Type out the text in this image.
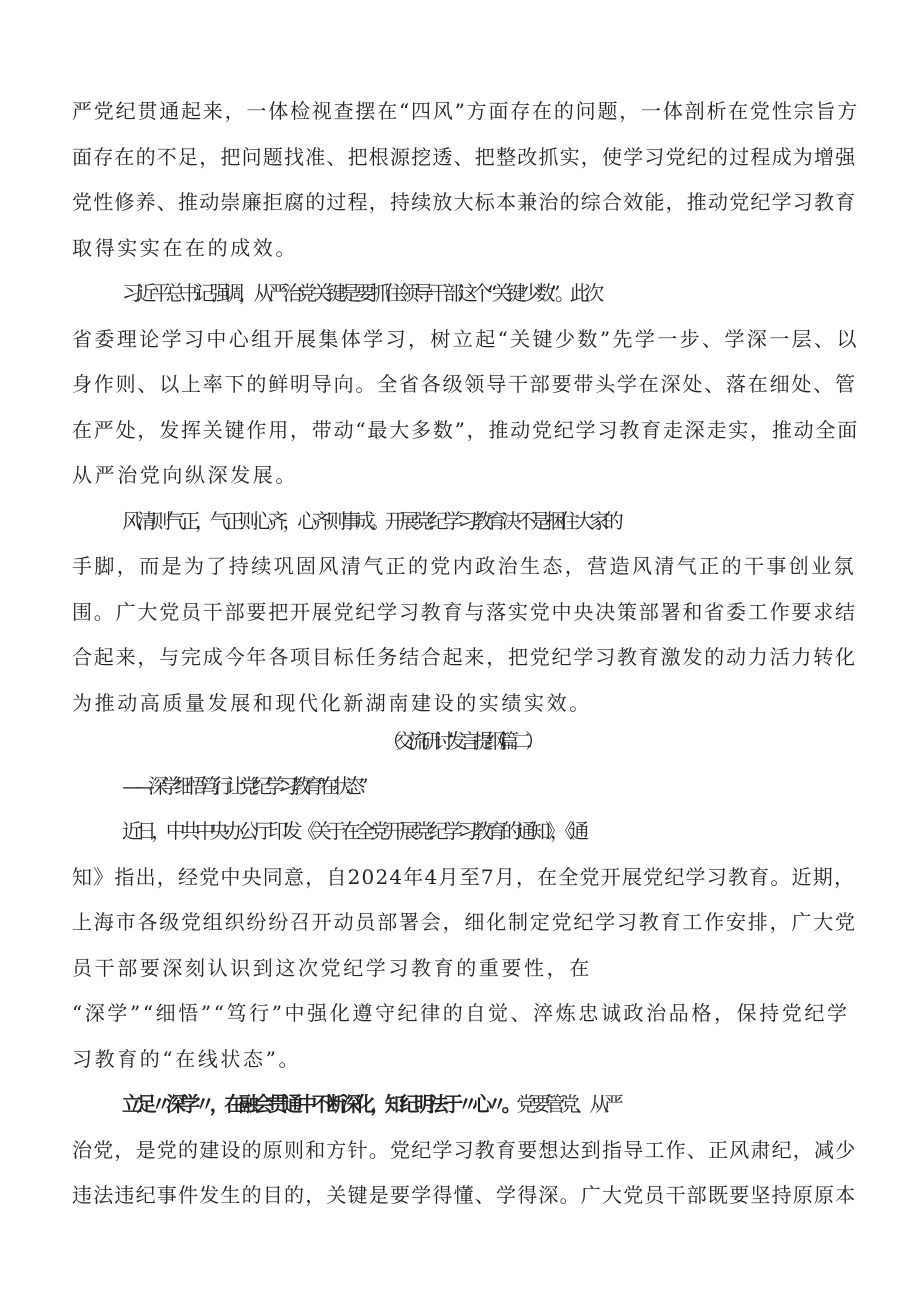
严党纪贯通起来，一体检视查摆在“四风”方面存在的问题，一体剖析在党性宗旨方
面存在的不足，把问题找准、把根源挖透、把整改抓实，使学习党纪的过程成为增强
党性修养、推动崇廉拒腐的过程，持续放大标本兼治的综合效能，推动党纪学习教育
取得实实在在的成效。
习近平总书记强调，从严治党关键是要抓住领导干部这个“关键少数”。此次
省委理论学习中心组开展集体学习，树立起“关键少数”先学一步、学深一层、以
身作则、以上率下的鲜明导向。全省各级领导干部要带头学在深处、落在细处、管
在严处，发挥关键作用，带动“最大多数”，推动党纪学习教育走深走实，推动全面
从严治党向纵深发展。
风清则气正，气正则心齐，心齐则事成。开展党纪学习教育决不是捆住大家的
手脚，而是为了持续巩固风清气正的党内政治生态，营造风清气正的干事创业氛
围。广大党员干部要把开展党纪学习教育与落实党中央决策部署和省委工作要求结
合起来，与完成今年各项目标任务结合起来，把党纪学习教育激发的动力活力转化
为推动高质量发展和现代化新湖南建设的实绩实效。
（交流研讨发言提纲篇二）
——深学细悟笃行让党纪学习教育"在状态”
近日，中共中央办公厅印发《关于在全党开展党纪学习教育的通知》，《通
知》指出，经党中央同意，自2024年4月至7月，在全党开展党纪学习教育。近期，
上海市各级党组织纷纷召开动员部署会，细化制定党纪学习教育工作安排，广大党
员干部要深刻认识到这次党纪学习教育的重要性，在
“深学”“细悟”“笃行”中强化遵守纪律的自觉、淬炼忠诚政治品格，保持党纪学
习教育的“在线状态”。
立足〃深学〃，在融会贯通中不断深化，知纪明法于〃心〃。党要管党、从严
治党，是党的建设的原则和方针。党纪学习教育要想达到指导工作、正风肃纪，减少
违法违纪事件发生的目的，关键是要学得懂、学得深。广大党员干部既要坚持原原本
